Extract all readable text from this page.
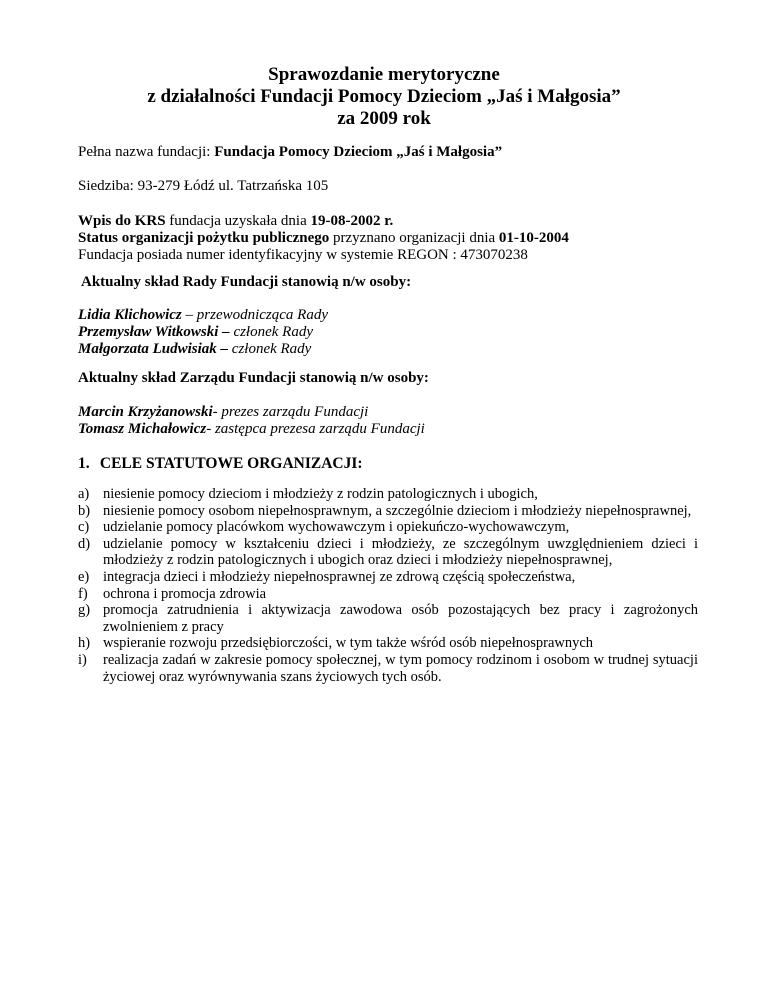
Sprawozdanie merytoryczne
z działalności Fundacji Pomocy Dzieciom „Jaś i Małgosia”
za 2009 rok
Pełna nazwa fundacji: Fundacja Pomocy Dzieciom „Jaś i Małgosia”
Siedziba: 93-279 Łódź ul. Tatrzańska 105
Wpis do KRS fundacja uzyskała dnia 19-08-2002 r.
Status organizacji pożytku publicznego przyznano organizacji dnia 01-10-2004
Fundacja posiada numer identyfikacyjny w systemie REGON : 473070238
Aktualny skład Rady Fundacji stanowią n/w osoby:
Lidia Klichowicz – przewodnicząca Rady
Przemysław Witkowski – członek Rady
Małgorzata Ludwisiak – członek Rady
Aktualny skład Zarządu Fundacji stanowią n/w osoby:
Marcin Krzyżanowski- prezes zarządu Fundacji
Tomasz Michałowicz- zastępca prezesa zarządu Fundacji
1. CELE STATUTOWE ORGANIZACJI:
a) niesienie pomocy dzieciom i młodzieży z rodzin patologicznych i ubogich,
b) niesienie pomocy osobom niepełnosprawnym, a szczególnie dzieciom i młodzieży niepełnosprawnej,
c) udzielanie pomocy placówkom wychowawczym i opiekuńczo-wychowawczym,
d) udzielanie pomocy w kształceniu dzieci i młodzieży, ze szczególnym uwzględnieniem dzieci i młodzieży z rodzin patologicznych i ubogich oraz dzieci i młodzieży niepełnosprawnej,
e) integracja dzieci i młodzieży niepełnosprawnej ze zdrową częścią społeczeństwa,
f) ochrona i promocja zdrowia
g) promocja zatrudnienia i aktywizacja zawodowa osób pozostających bez pracy i zagrożonych zwolnieniem z pracy
h) wspieranie rozwoju przedsiębiorczości, w tym także wśród osób niepełnosprawnych
i) realizacja zadań w zakresie pomocy społecznej, w tym pomocy rodzinom i osobom w trudnej sytuacji życiowej oraz wyrównywania szans życiowych tych osób.
